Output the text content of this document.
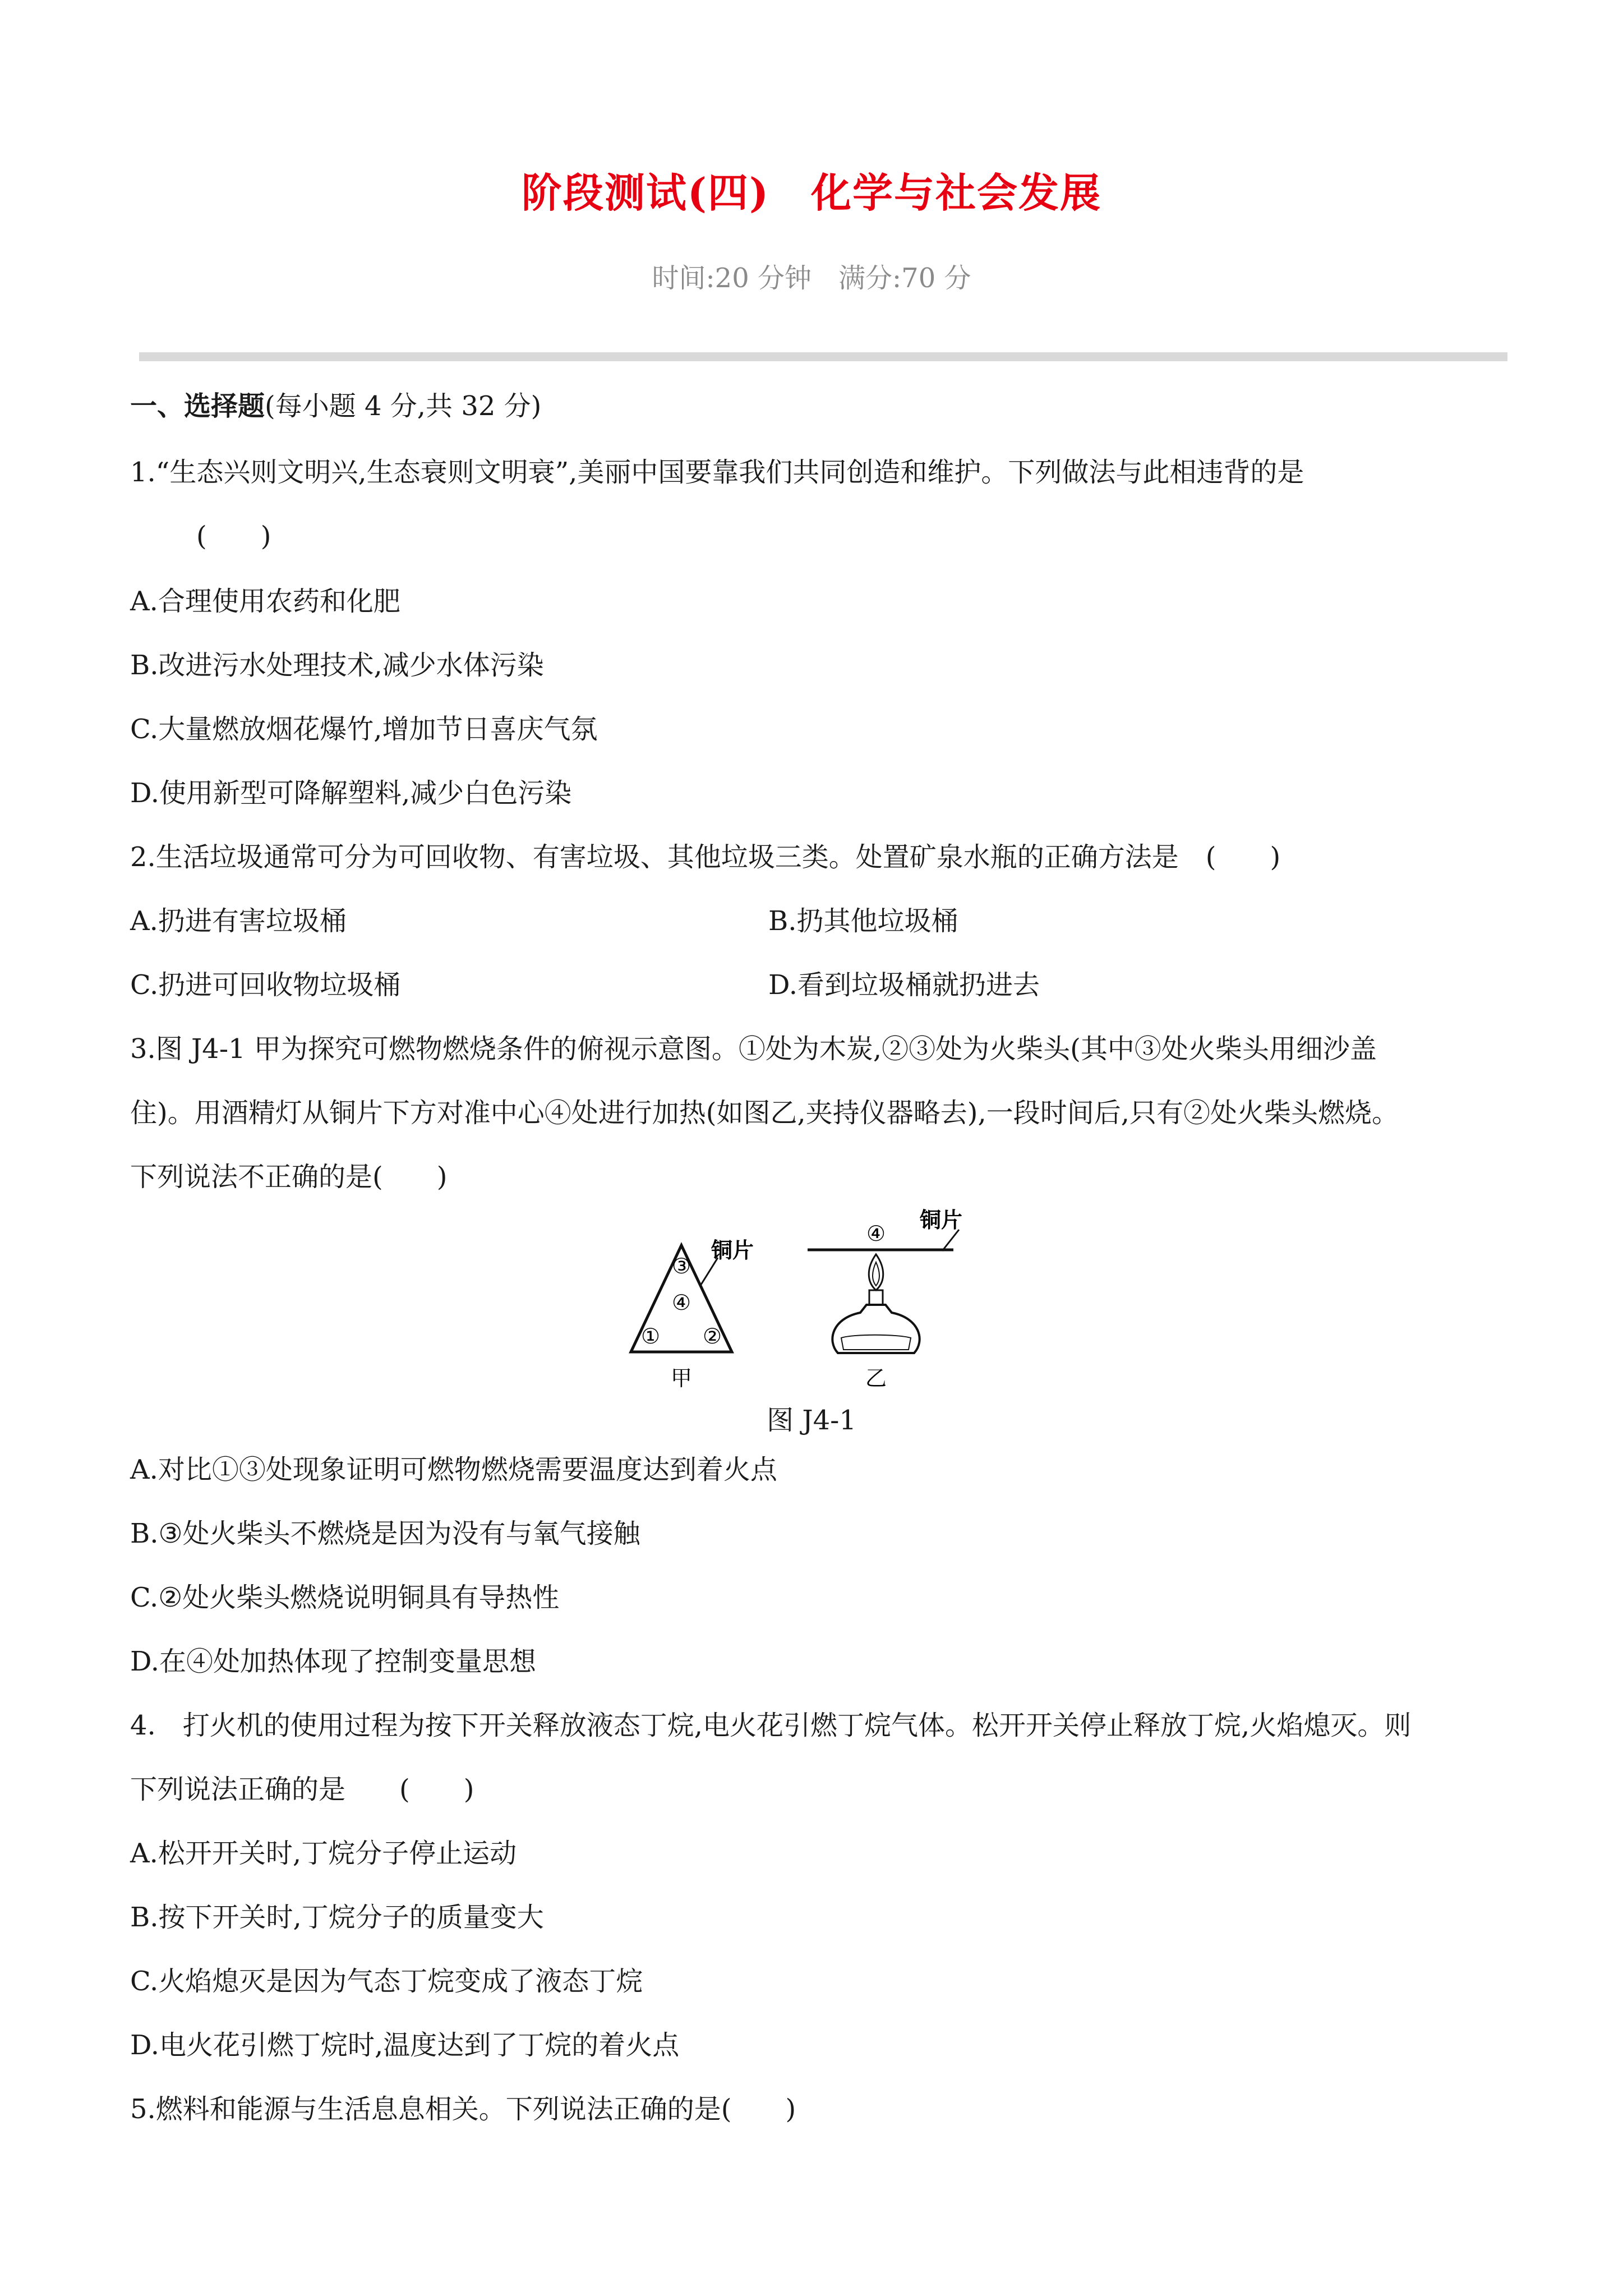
阶段测试(四)　化学与社会发展
时间:20 分钟　满分:70 分
一、选择题(每小题 4 分,共 32 分)
1.“生态兴则文明兴,生态衰则文明衰”,美丽中国要靠我们共同创造和维护。下列做法与此相违背的是
(　　)
A.合理使用农药和化肥
B.改进污水处理技术,减少水体污染
C.大量燃放烟花爆竹,增加节日喜庆气氛
D.使用新型可降解塑料,减少白色污染
2.生活垃圾通常可分为可回收物、有害垃圾、其他垃圾三类。处置矿泉水瓶的正确方法是　(　　)
A.扔进有害垃圾桶	B.扔其他垃圾桶
C.扔进可回收物垃圾桶	D.看到垃圾桶就扔进去
3.图 J4-1 甲为探究可燃物燃烧条件的俯视示意图。①处为木炭,②③处为火柴头(其中③处火柴头用细沙盖
住)。用酒精灯从铜片下方对准中心④处进行加热(如图乙,夹持仪器略去),一段时间后,只有②处火柴头燃烧。
下列说法不正确的是(　　)
③
④
① ②
铜片
甲
④
铜片
乙
图 J4-1
A.对比①③处现象证明可燃物燃烧需要温度达到着火点
B.③处火柴头不燃烧是因为没有与氧气接触
C.②处火柴头燃烧说明铜具有导热性
D.在④处加热体现了控制变量思想
4.　打火机的使用过程为按下开关释放液态丁烷,电火花引燃丁烷气体。松开开关停止释放丁烷,火焰熄灭。则
下列说法正确的是　　(　　)
A.松开开关时,丁烷分子停止运动
B.按下开关时,丁烷分子的质量变大
C.火焰熄灭是因为气态丁烷变成了液态丁烷
D.电火花引燃丁烷时,温度达到了丁烷的着火点
5.燃料和能源与生活息息相关。下列说法正确的是(　　)
